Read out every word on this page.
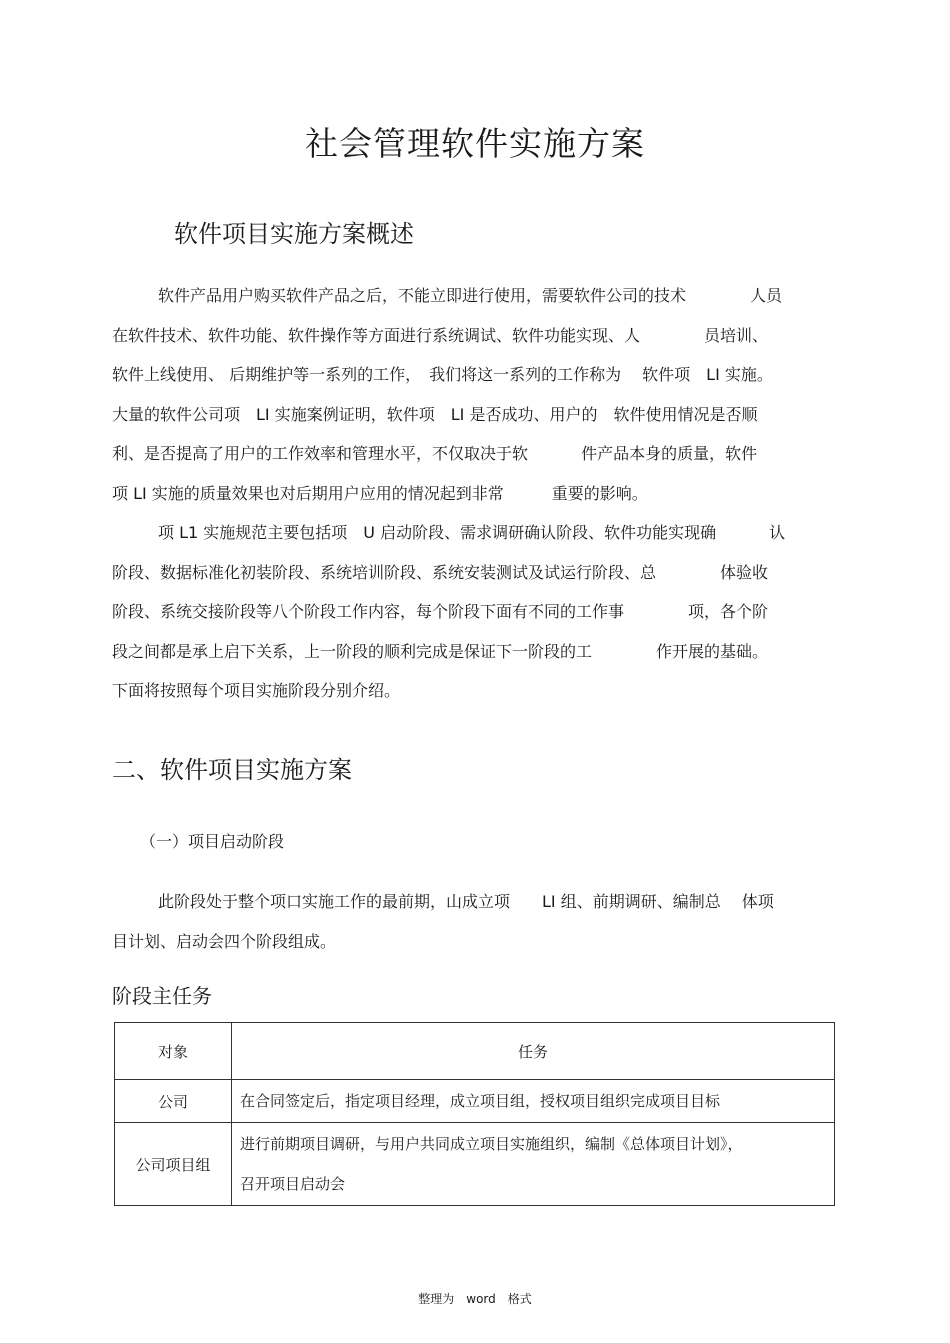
社会管理软件实施方案
软件项目实施方案概述
软件产品用户购买软件产品之后，不能立即进行使用，需要软件公司的技术　　　　人员
在软件技术、软件功能、软件操作等方面进行系统调试、软件功能实现、人　　　　员培训、
软件上线使用、 后期维护等一系列的工作，　我们将这一系列的工作称为　 软件项　LI 实施。
大量的软件公司项　LI 实施案例证明，软件项　LI 是否成功、用户的　软件使用情况是否顺
利、是否提高了用户的工作效率和管理水平，不仅取决于软　　　 件产品本身的质量，软件
项 LI 实施的质量效果也对后期用户应用的情况起到非常　　　重要的影响。
项 L1 实施规范主要包括项　U 启动阶段、需求调研确认阶段、软件功能实现确　　　 认
阶段、数据标准化初装阶段、系统培训阶段、系统安装测试及试运行阶段、总　　　　体验收
阶段、系统交接阶段等八个阶段工作内容，每个阶段下面有不同的工作事　　　　项，各个阶
段之间都是承上启下关系，上一阶段的顺利完成是保证下一阶段的工　　　　作开展的基础。
下面将按照每个项目实施阶段分别介绍。
二、软件项目实施方案
（一）项目启动阶段
此阶段处于整个项口实施工作的最前期，山成立项　　LI 组、前期调研、编制总　 体项
目计划、启动会四个阶段组成。
阶段主任务
对象	任务
公司	在合同签定后，指定项目经理，成立项目组，授权项目组织完成项目目标

公司项目组	进行前期项目调研，与用户共同成立项目实施组织，编制《总体项目计划》，
召开项目启动会
整理为　word　格式
